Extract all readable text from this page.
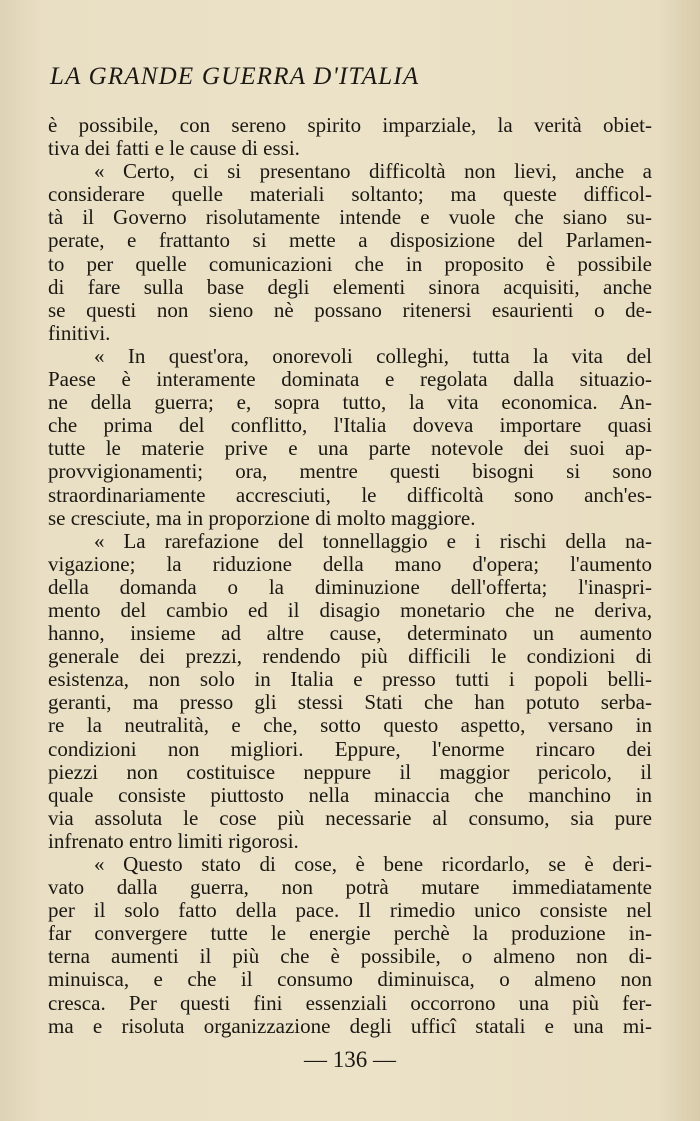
LA GRANDE GUERRA D'ITALIA
è possibile, con sereno spirito imparziale, la verità obiet-
tiva dei fatti e le cause di essi.
« Certo, ci si presentano difficoltà non lievi, anche a
considerare quelle materiali soltanto; ma queste difficol-
tà il Governo risolutamente intende e vuole che siano su-
perate, e frattanto si mette a disposizione del Parlamen-
to per quelle comunicazioni che in proposito è possibile
di fare sulla base degli elementi sinora acquisiti, anche
se questi non sieno nè possano ritenersi esaurienti o de-
finitivi.
« In quest'ora, onorevoli colleghi, tutta la vita del
Paese è interamente dominata e regolata dalla situazio-
ne della guerra; e, sopra tutto, la vita economica. An-
che prima del conflitto, l'Italia doveva importare quasi
tutte le materie prive e una parte notevole dei suoi ap-
provvigionamenti; ora, mentre questi bisogni si sono
straordinariamente accresciuti, le difficoltà sono anch'es-
se cresciute, ma in proporzione di molto maggiore.
« La rarefazione del tonnellaggio e i rischi della na-
vigazione; la riduzione della mano d'opera; l'aumento
della domanda o la diminuzione dell'offerta; l'inaspri-
mento del cambio ed il disagio monetario che ne deriva,
hanno, insieme ad altre cause, determinato un aumento
generale dei prezzi, rendendo più difficili le condizioni di
esistenza, non solo in Italia e presso tutti i popoli belli-
geranti, ma presso gli stessi Stati che han potuto serba-
re la neutralità, e che, sotto questo aspetto, versano in
condizioni non migliori. Eppure, l'enorme rincaro dei
piezzi non costituisce neppure il maggior pericolo, il
quale consiste piuttosto nella minaccia che manchino in
via assoluta le cose più necessarie al consumo, sia pure
infrenato entro limiti rigorosi.
« Questo stato di cose, è bene ricordarlo, se è deri-
vato dalla guerra, non potrà mutare immediatamente
per il solo fatto della pace. Il rimedio unico consiste nel
far convergere tutte le energie perchè la produzione in-
terna aumenti il più che è possibile, o almeno non di-
minuisca, e che il consumo diminuisca, o almeno non
cresca. Per questi fini essenziali occorrono una più fer-
ma e risoluta organizzazione degli ufficî statali e una mi-
— 136 —
